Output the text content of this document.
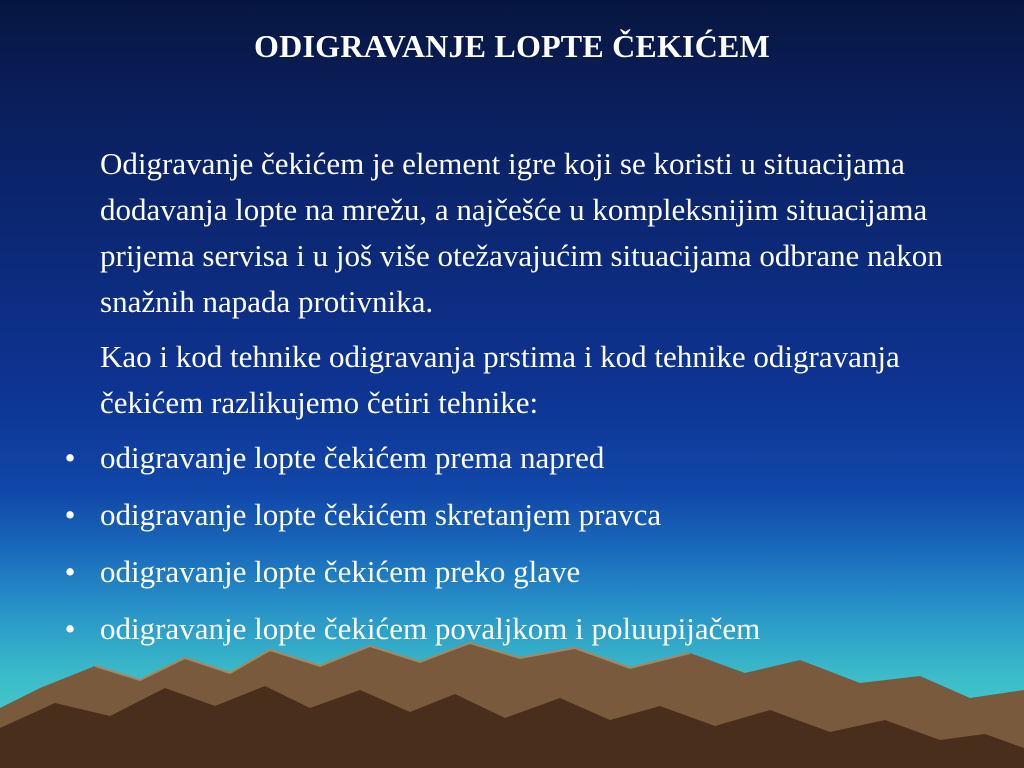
ODIGRAVANJE LOPTE ČEKIĆEM

Odigravanje čekićem je element igre koji se koristi u situacijama dodavanja lopte na mrežu, a najčešće u kompleksnijim situacijama prijema servisa i u još više otežavajućim situacijama odbrane nakon snažnih napada protivnika.

Kao i kod tehnike odigravanja prstima i kod tehnike odigravanja čekićem razlikujemo četiri tehnike:

• odigravanje lopte čekićem prema napred
• odigravanje lopte čekićem skretanjem pravca
• odigravanje lopte čekićem preko glave
• odigravanje lopte čekićem povaljkom i poluupijačem
